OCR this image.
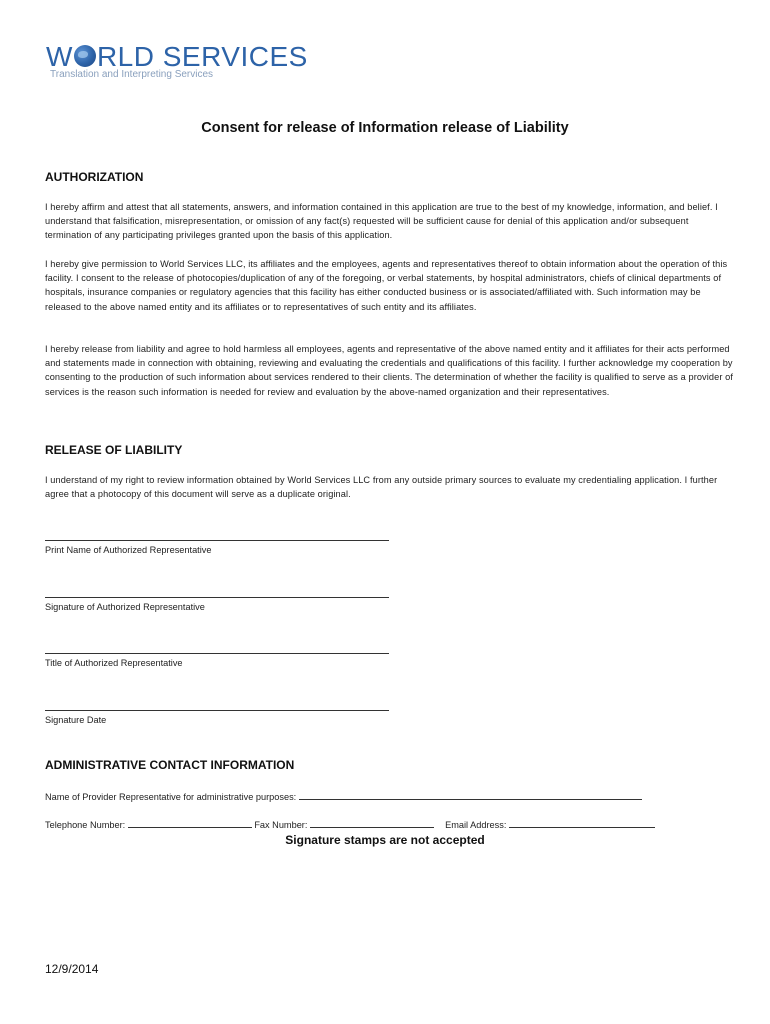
W RLD SERVICES
Translation and Interpreting Services
Consent for release of Information release of Liability
AUTHORIZATION

I hereby affirm and attest that all statements, answers, and information contained in this application are true to the best of my knowledge, information, and belief. I understand that falsification, misrepresentation, or omission of any fact(s) requested will be sufficient cause for denial of this application and/or subsequent termination of any participating privileges granted upon the basis of this application.

I hereby give permission to World Services LLC, its affiliates and the employees, agents and representatives thereof to obtain information about the operation of this facility. I consent to the release of photocopies/duplication of any of the foregoing, or verbal statements, by hospital administrators, chiefs of clinical departments of hospitals, insurance companies or regulatory agencies that this facility has either conducted business or is associated/affiliated with. Such information may be released to the above named entity and its affiliates or to representatives of such entity and its affiliates.

I hereby release from liability and agree to hold harmless all employees, agents and representative of the above named entity and it affiliates for their acts performed and statements made in connection with obtaining, reviewing and evaluating the credentials and qualifications of this facility. I further acknowledge my cooperation by consenting to the production of such information about services rendered to their clients. The determination of whether the facility is qualified to serve as a provider of services is the reason such information is needed for review and evaluation by the above-named organization and their representatives.

RELEASE OF LIABILITY

I understand of my right to review information obtained by World Services LLC from any outside primary sources to evaluate my credentialing application. I further agree that a photocopy of this document will serve as a duplicate original.

Print Name of Authorized Representative
Signature of Authorized Representative
Title of Authorized Representative
Signature Date
ADMINISTRATIVE CONTACT INFORMATION
Name of Provider Representative for administrative purposes:
Telephone Number:	Fax Number:	Email Address:
Signature stamps are not accepted
12/9/2014
